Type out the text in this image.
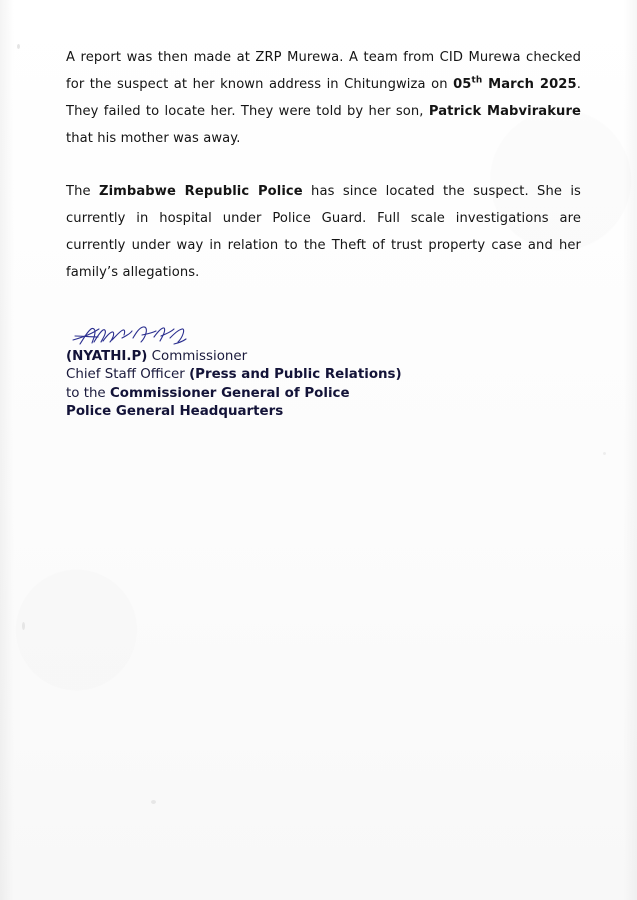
A report was then made at ZRP Murewa. A team from CID Murewa checked for the suspect at her known address in Chitungwiza on 05th March 2025. They failed to locate her. They were told by her son, Patrick Mabvirakure that his mother was away.

The Zimbabwe Republic Police has since located the suspect. She is currently in hospital under Police Guard. Full scale investigations are currently under way in relation to the Theft of trust property case and her family’s allegations.

(NYATHI.P) Commissioner

Chief Staff Officer (Press and Public Relations)

to the Commissioner General of Police

Police General Headquarters
